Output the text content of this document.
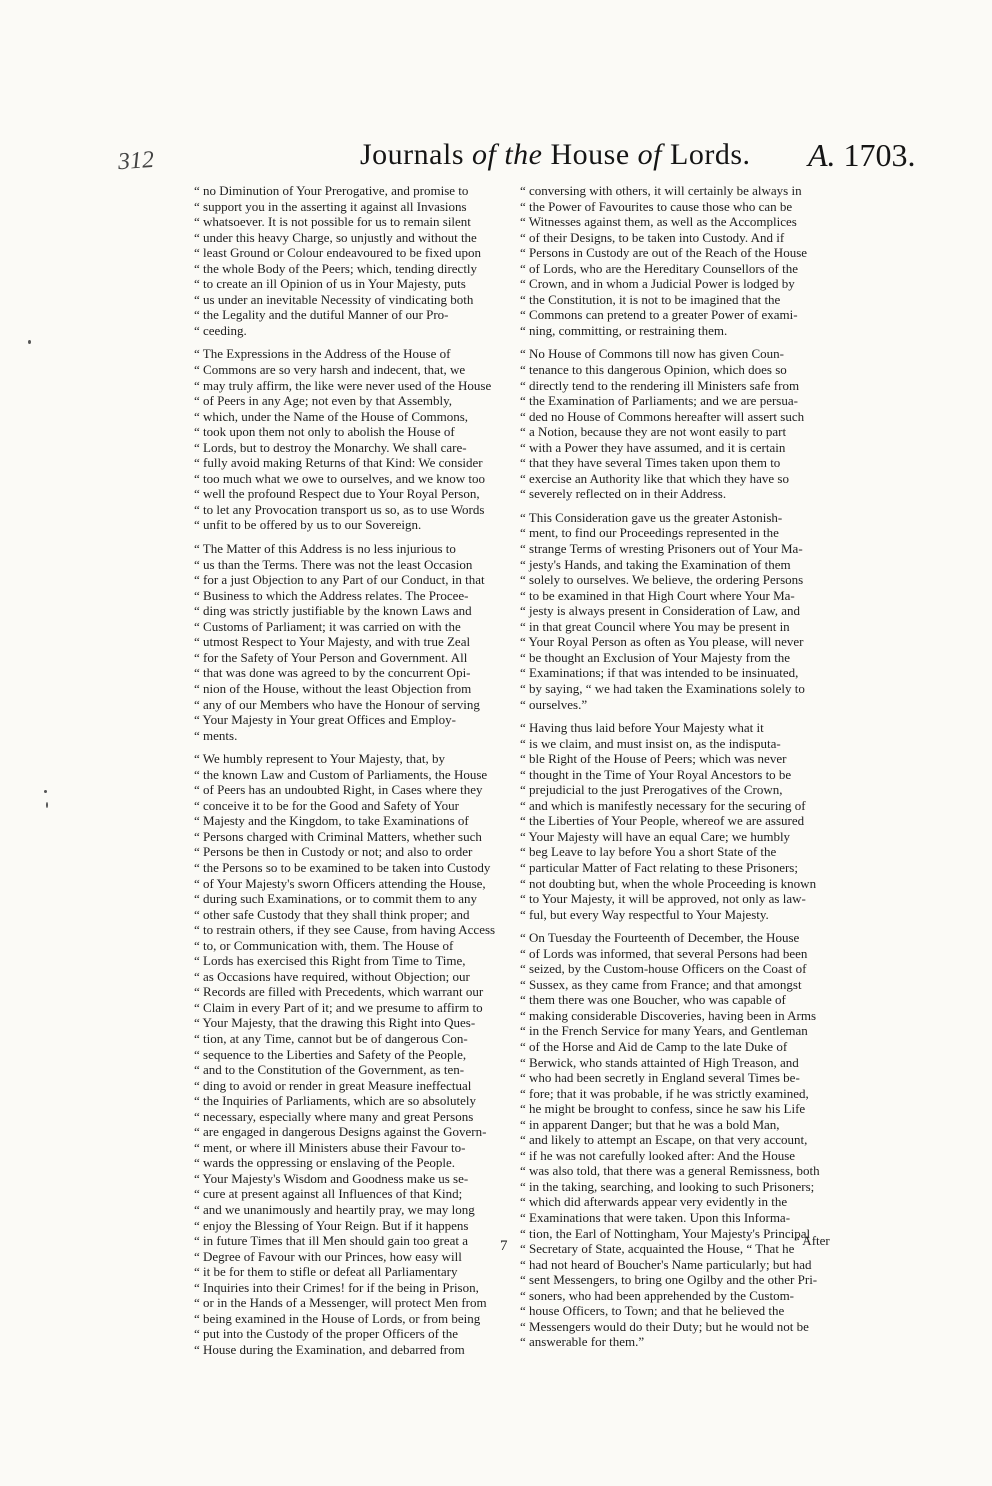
312	Journals of the House of Lords. A. 1703.

“ no Diminution of Your Prerogative, and promise to
“ support you in the asserting it against all Invasions
“ whatsoever. It is not possible for us to remain silent
“ under this heavy Charge, so unjustly and without the
“ least Ground or Colour endeavoured to be fixed upon
“ the whole Body of the Peers; which, tending directly
“ to create an ill Opinion of us in Your Majesty, puts
“ us under an inevitable Necessity of vindicating both
“ the Legality and the dutiful Manner of our Pro-
“ ceeding.

“ The Expressions in the Address of the House of
“ Commons are so very harsh and indecent, that, we
“ may truly affirm, the like were never used of the House
“ of Peers in any Age; not even by that Assembly,
“ which, under the Name of the House of Commons,
“ took upon them not only to abolish the House of
“ Lords, but to destroy the Monarchy. We shall care-
“ fully avoid making Returns of that Kind: We consider
“ too much what we owe to ourselves, and we know too
“ well the profound Respect due to Your Royal Person,
“ to let any Provocation transport us so, as to use Words
“ unfit to be offered by us to our Sovereign.

“ The Matter of this Address is no less injurious to
“ us than the Terms. There was not the least Occasion
“ for a just Objection to any Part of our Conduct, in that
“ Business to which the Address relates. The Procee-
“ ding was strictly justifiable by the known Laws and
“ Customs of Parliament; it was carried on with the
“ utmost Respect to Your Majesty, and with true Zeal
“ for the Safety of Your Person and Government. All
“ that was done was agreed to by the concurrent Opi-
“ nion of the House, without the least Objection from
“ any of our Members who have the Honour of serving
“ Your Majesty in Your great Offices and Employ-
“ ments.

“ We humbly represent to Your Majesty, that, by
“ the known Law and Custom of Parliaments, the House
“ of Peers has an undoubted Right, in Cases where they
“ conceive it to be for the Good and Safety of Your
“ Majesty and the Kingdom, to take Examinations of
“ Persons charged with Criminal Matters, whether such
“ Persons be then in Custody or not; and also to order
“ the Persons so to be examined to be taken into Custody
“ of Your Majesty's sworn Officers attending the House,
“ during such Examinations, or to commit them to any
“ other safe Custody that they shall think proper; and
“ to restrain others, if they see Cause, from having Access
“ to, or Communication with, them. The House of
“ Lords has exercised this Right from Time to Time,
“ as Occasions have required, without Objection; our
“ Records are filled with Precedents, which warrant our
“ Claim in every Part of it; and we presume to affirm to
“ Your Majesty, that the drawing this Right into Ques-
“ tion, at any Time, cannot but be of dangerous Con-
“ sequence to the Liberties and Safety of the People,
“ and to the Constitution of the Government, as ten-
“ ding to avoid or render in great Measure ineffectual
“ the Inquiries of Parliaments, which are so absolutely
“ necessary, especially where many and great Persons
“ are engaged in dangerous Designs against the Govern-
“ ment, or where ill Ministers abuse their Favour to-
“ wards the oppressing or enslaving of the People.
“ Your Majesty's Wisdom and Goodness make us se-
“ cure at present against all Influences of that Kind;
“ and we unanimously and heartily pray, we may long
“ enjoy the Blessing of Your Reign. But if it happens
“ in future Times that ill Men should gain too great a
“ Degree of Favour with our Princes, how easy will
“ it be for them to stifle or defeat all Parliamentary
“ Inquiries into their Crimes! for if the being in Prison,
“ or in the Hands of a Messenger, will protect Men from
“ being examined in the House of Lords, or from being
“ put into the Custody of the proper Officers of the
“ House during the Examination, and debarred from

“ conversing with others, it will certainly be always in
“ the Power of Favourites to cause those who can be
“ Witnesses against them, as well as the Accomplices
“ of their Designs, to be taken into Custody. And if
“ Persons in Custody are out of the Reach of the House
“ of Lords, who are the Hereditary Counsellors of the
“ Crown, and in whom a Judicial Power is lodged by
“ the Constitution, it is not to be imagined that the
“ Commons can pretend to a greater Power of exami-
“ ning, committing, or restraining them.

“ No House of Commons till now has given Coun-
“ tenance to this dangerous Opinion, which does so
“ directly tend to the rendering ill Ministers safe from
“ the Examination of Parliaments; and we are persua-
“ ded no House of Commons hereafter will assert such
“ a Notion, because they are not wont easily to part
“ with a Power they have assumed, and it is certain
“ that they have several Times taken upon them to
“ exercise an Authority like that which they have so
“ severely reflected on in their Address.

“ This Consideration gave us the greater Astonish-
“ ment, to find our Proceedings represented in the
“ strange Terms of wresting Prisoners out of Your Ma-
“ jesty's Hands, and taking the Examination of them
“ solely to ourselves. We believe, the ordering Persons
“ to be examined in that High Court where Your Ma-
“ jesty is always present in Consideration of Law, and
“ in that great Council where You may be present in
“ Your Royal Person as often as You please, will never
“ be thought an Exclusion of Your Majesty from the
“ Examinations; if that was intended to be insinuated,
“ by saying, “ we had taken the Examinations solely to
“ ourselves.”

“ Having thus laid before Your Majesty what it
“ is we claim, and must insist on, as the indisputa-
“ ble Right of the House of Peers; which was never
“ thought in the Time of Your Royal Ancestors to be
“ prejudicial to the just Prerogatives of the Crown,
“ and which is manifestly necessary for the securing of
“ the Liberties of Your People, whereof we are assured
“ Your Majesty will have an equal Care; we humbly
“ beg Leave to lay before You a short State of the
“ particular Matter of Fact relating to these Prisoners;
“ not doubting but, when the whole Proceeding is known
“ to Your Majesty, it will be approved, not only as law-
“ ful, but every Way respectful to Your Majesty.

“ On Tuesday the Fourteenth of December, the House
“ of Lords was informed, that several Persons had been
“ seized, by the Custom-house Officers on the Coast of
“ Sussex, as they came from France; and that amongst
“ them there was one Boucher, who was capable of
“ making considerable Discoveries, having been in Arms
“ in the French Service for many Years, and Gentleman
“ of the Horse and Aid de Camp to the late Duke of
“ Berwick, who stands attainted of High Treason, and
“ who had been secretly in England several Times be-
“ fore; that it was probable, if he was strictly examined,
“ he might be brought to confess, since he saw his Life
“ in apparent Danger; but that he was a bold Man,
“ and likely to attempt an Escape, on that very account,
“ if he was not carefully looked after: And the House
“ was also told, that there was a general Remissness, both
“ in the taking, searching, and looking to such Prisoners;
“ which did afterwards appear very evidently in the
“ Examinations that were taken. Upon this Informa-
“ tion, the Earl of Nottingham, Your Majesty's Principal
“ Secretary of State, acquainted the House, “ That he
“ had not heard of Boucher's Name particularly; but had
“ sent Messengers, to bring one Ogilby and the other Pri-
“ soners, who had been apprehended by the Custom-
“ house Officers, to Town; and that he believed the
“ Messengers would do their Duty; but he would not be
“ answerable for them.”

7	“ After
